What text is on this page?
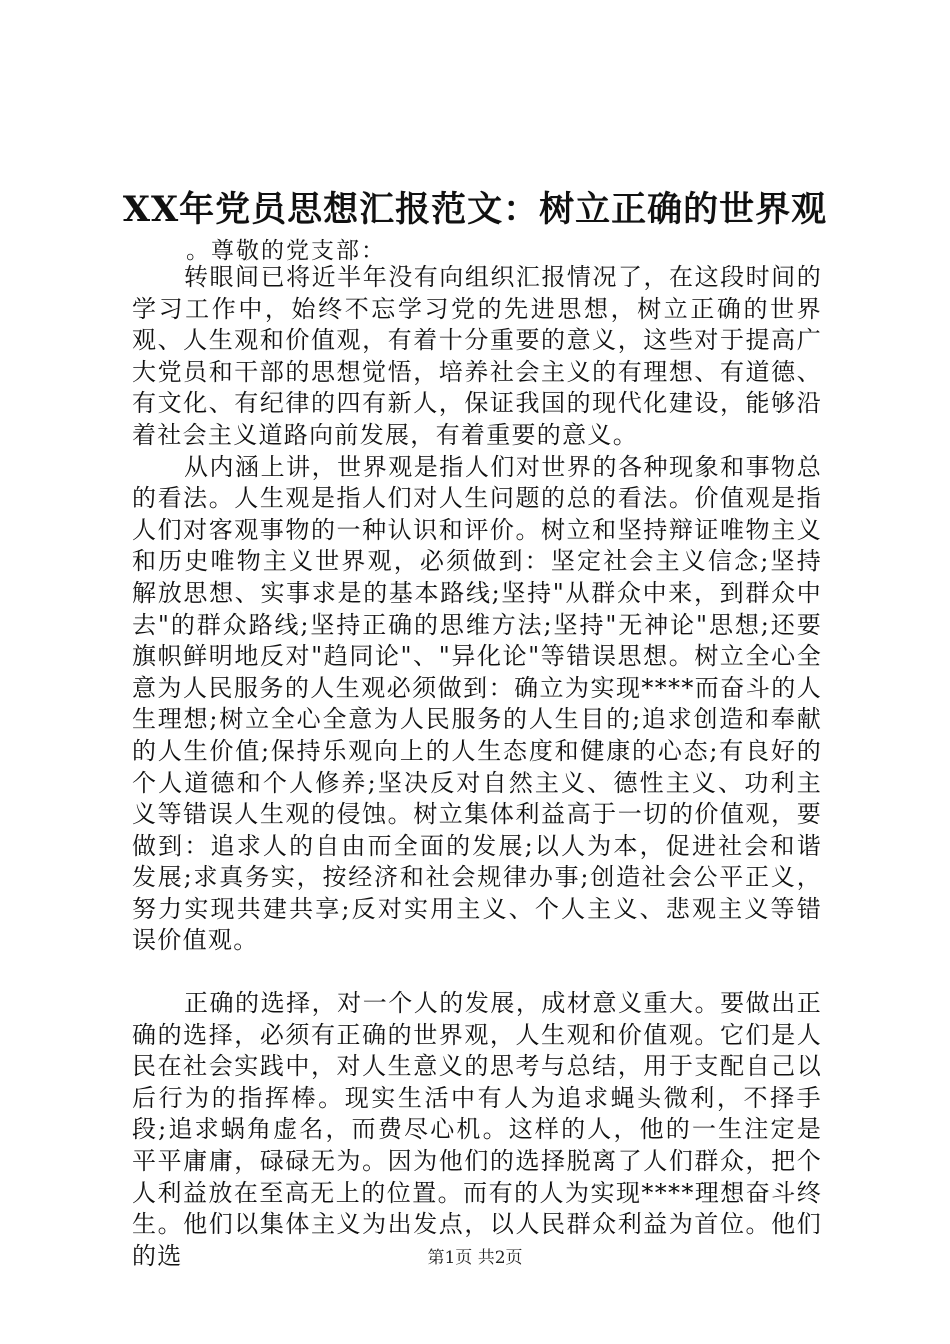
XX年党员思想汇报范文：树立正确的世界观
。尊敬的党支部：

转眼间已将近半年没有向组织汇报情况了，在这段时间的学习工作中，始终不忘学习党的先进思想，树立正确的世界观、人生观和价值观，有着十分重要的意义，这些对于提高广大党员和干部的思想觉悟，培养社会主义的有理想、有道德、有文化、有纪律的四有新人，保证我国的现代化建设，能够沿着社会主义道路向前发展，有着重要的意义。

从内涵上讲，世界观是指人们对世界的各种现象和事物总的看法。人生观是指人们对人生问题的总的看法。价值观是指人们对客观事物的一种认识和评价。树立和坚持辩证唯物主义和历史唯物主义世界观，必须做到：坚定社会主义信念;坚持解放思想、实事求是的基本路线;坚持"从群众中来，到群众中去"的群众路线;坚持正确的思维方法;坚持"无神论"思想;还要旗帜鲜明地反对"趋同论"、"异化论"等错误思想。树立全心全意为人民服务的人生观必须做到：确立为实现****而奋斗的人生理想;树立全心全意为人民服务的人生目的;追求创造和奉献的人生价值;保持乐观向上的人生态度和健康的心态;有良好的个人道德和个人修养;坚决反对自然主义、德性主义、功利主义等错误人生观的侵蚀。树立集体利益高于一切的价值观，要做到：追求人的自由而全面的发展;以人为本，促进社会和谐发展;求真务实，按经济和社会规律办事;创造社会公平正义，努力实现共建共享;反对实用主义、个人主义、悲观主义等错误价值观。

正确的选择，对一个人的发展，成材意义重大。要做出正确的选择，必须有正确的世界观，人生观和价值观。它们是人民在社会实践中，对人生意义的思考与总结，用于支配自己以后行为的指挥棒。现实生活中有人为追求蝇头微利，不择手段;追求蜗角虚名，而费尽心机。这样的人，他的一生注定是平平庸庸，碌碌无为。因为他们的选择脱离了人们群众，把个人利益放在至高无上的位置。而有的人为实现****理想奋斗终生。他们以集体主义为出发点，以人民群众利益为首位。他们的选	第1页 共2页
